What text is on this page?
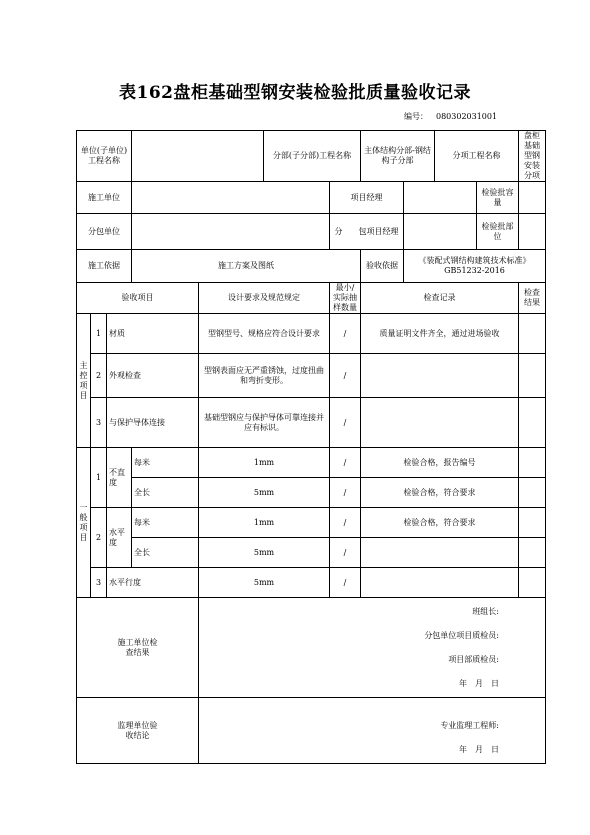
表162盘柜基础型钢安装检验批质量验收记录
编号： 080302031001
单位(子单位)工程名称					分部(子分部)工程名称		主体结构分部-钢结构子分部		分项工程名称		盘柜基础型钢安装分项
施工单位						项目经理				检验批容量	
分包单位						分　　包项目经理				检验批部位	
施工依据			施工方案及图纸				验收依据	《装配式钢结构建筑技术标准》 GB51232-2016			
验收项目				设计要求及规范规定		最小/实际抽样数量	检查记录				检查结果
主控项目	1	材质		型钢型号、规格应符合设计要求		/	质量证明文件齐全，通过进场验收				
	2	外观检查		型钢表面应无严重锈蚀，过度扭曲和弯折变形。		/					
	3	与保护导体连接		基础型钢应与保护导体可靠连接并应有标识。		/					
一般项目	1	不直度	每米	1mm		/	检验合格，报告编号				
			全长	5mm		/	检验合格，符合要求				
	2	水平度	每米	1mm		/	检验合格，符合要求				
			全长	5mm		/					
	3	水平行度		5mm		/					
施工单位检查结果				班组长:
分包单位项目质检员:
项目部质检员:
年　月　日							

监理单位验收结论				专业监理工程师:
年　月　日							
